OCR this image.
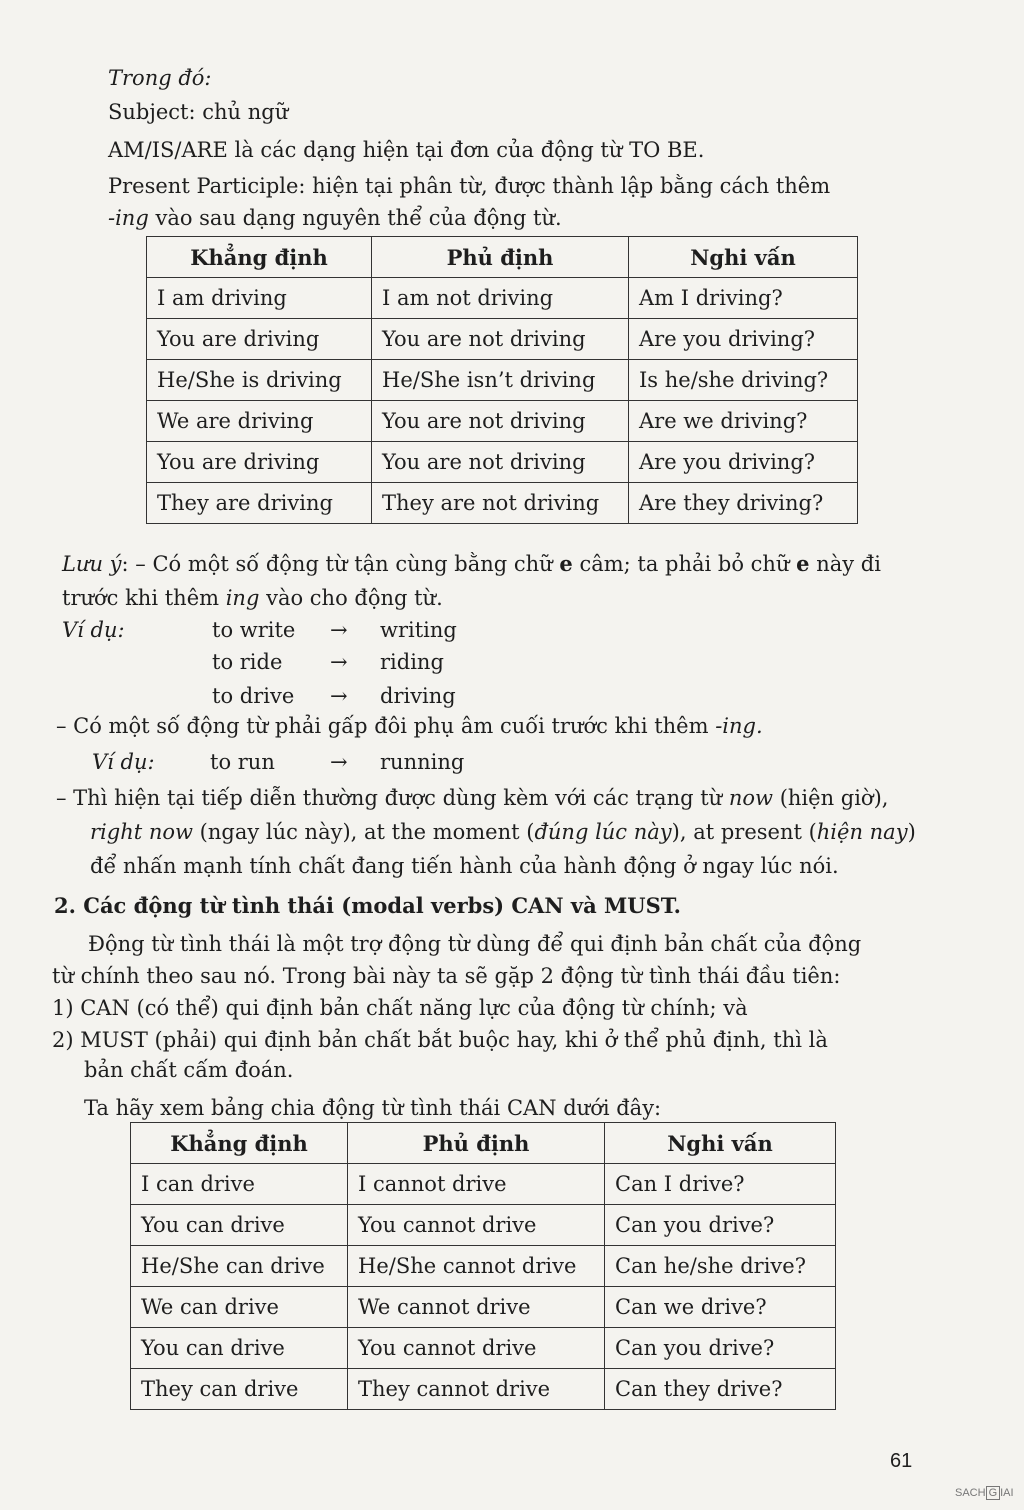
Trong đó:
Subject: chủ ngữ
AM/IS/ARE là các dạng hiện tại đơn của động từ TO BE.
Present Participle: hiện tại phân từ, được thành lập bằng cách thêm
-ing vào sau dạng nguyên thể của động từ.
Khẳng định	Phủ định	Nghi vấn
I am driving	I am not driving	Am I driving?
You are driving	You are not driving	Are you driving?
He/She is driving	He/She isn’t driving	Is he/she driving?
We are driving	You are not driving	Are we driving?
You are driving	You are not driving	Are you driving?
They are driving	They are not driving	Are they driving?
Lưu ý: – Có một số động từ tận cùng bằng chữ e câm; ta phải bỏ chữ e này đi
trước khi thêm ing vào cho động từ.
Ví dụ:	to write → writing
to ride → riding
to drive → driving
– Có một số động từ phải gấp đôi phụ âm cuối trước khi thêm -ing.
Ví dụ:	to run	→ running
– Thì hiện tại tiếp diễn thường được dùng kèm với các trạng từ now (hiện giờ),
right now (ngay lúc này), at the moment (đúng lúc này), at present (hiện nay)
để nhấn mạnh tính chất đang tiến hành của hành động ở ngay lúc nói.
2. Các động từ tình thái (modal verbs) CAN và MUST.
Động từ tình thái là một trợ động từ dùng để qui định bản chất của động
từ chính theo sau nó. Trong bài này ta sẽ gặp 2 động từ tình thái đầu tiên:
1) CAN (có thể) qui định bản chất năng lực của động từ chính; và
2) MUST (phải) qui định bản chất bắt buộc hay, khi ở thể phủ định, thì là
bản chất cấm đoán.
Ta hãy xem bảng chia động từ tình thái CAN dưới đây:
Khẳng định	Phủ định	Nghi vấn
I can drive	I cannot drive	Can I drive?
You can drive	You cannot drive	Can you drive?
He/She can drive	He/She cannot drive	Can he/she drive?
We can drive	We cannot drive	Can we drive?
You can drive	You cannot drive	Can you drive?
They can drive	They cannot drive	Can they drive?
61
SACH G IAI
